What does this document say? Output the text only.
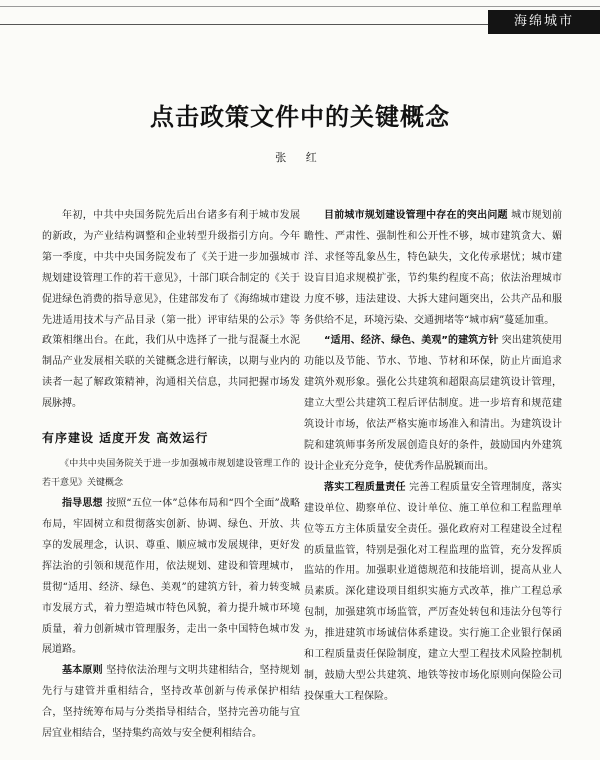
海绵城市
点击政策文件中的关键概念
张 红

年初，中共中央国务院先后出台诸多有利于城市发展的新政，为产业结构调整和企业转型升级指引方向。今年第一季度，中共中央国务院发布了《关于进一步加强城市规划建设管理工作的若干意见》，十部门联合制定的《关于促进绿色消费的指导意见》，住建部发布了《海绵城市建设先进适用技术与产品目录（第一批）评审结果的公示》等政策相继出台。在此，我们从中选择了一批与混凝土水泥制品产业发展相关联的关键概念进行解读，以期与业内的读者一起了解政策精神，沟通相关信息，共同把握市场发展脉搏。

有序建设 适度开发 高效运行

《中共中央国务院关于进一步加强城市规划建设管理工作的若干意见》关键概念

指导思想 按照“五位一体”总体布局和“四个全面”战略布局，牢固树立和贯彻落实创新、协调、绿色、开放、共享的发展理念，认识、尊重、顺应城市发展规律，更好发挥法治的引领和规范作用，依法规划、建设和管理城市，贯彻“适用、经济、绿色、美观”的建筑方针，着力转变城市发展方式，着力塑造城市特色风貌，着力提升城市环境质量，着力创新城市管理服务，走出一条中国特色城市发展道路。

基本原则 坚持依法治理与文明共建相结合，坚持规划先行与建管并重相结合，坚持改革创新与传承保护相结合，坚持统筹布局与分类指导相结合，坚持完善功能与宜居宜业相结合，坚持集约高效与安全便利相结合。

目前城市规划建设管理中存在的突出问题 城市规划前瞻性、严肃性、强制性和公开性不够，城市建筑贪大、媚洋、求怪等乱象丛生，特色缺失，文化传承堪忧；城市建设盲目追求规模扩张，节约集约程度不高；依法治理城市力度不够，违法建设、大拆大建问题突出，公共产品和服务供给不足，环境污染、交通拥堵等“城市病”蔓延加重。

“适用、经济、绿色、美观”的建筑方针 突出建筑使用功能以及节能、节水、节地、节材和环保，防止片面追求建筑外观形象。强化公共建筑和超限高层建筑设计管理，建立大型公共建筑工程后评估制度。进一步培育和规范建筑设计市场，依法严格实施市场准入和清出。为建筑设计院和建筑师事务所发展创造良好的条件，鼓励国内外建筑设计企业充分竞争，使优秀作品脱颖而出。

落实工程质量责任 完善工程质量安全管理制度，落实建设单位、勘察单位、设计单位、施工单位和工程监理单位等五方主体质量安全责任。强化政府对工程建设全过程的质量监管，特别是强化对工程监理的监管，充分发挥质监站的作用。加强职业道德规范和技能培训，提高从业人员素质。深化建设项目组织实施方式改革，推广工程总承包制，加强建筑市场监管，严厉查处转包和违法分包等行为，推进建筑市场诚信体系建设。实行施工企业银行保函和工程质量责任保险制度，建立大型工程技术风险控制机制，鼓励大型公共建筑、地铁等按市场化原则向保险公司投保重大工程保险。
